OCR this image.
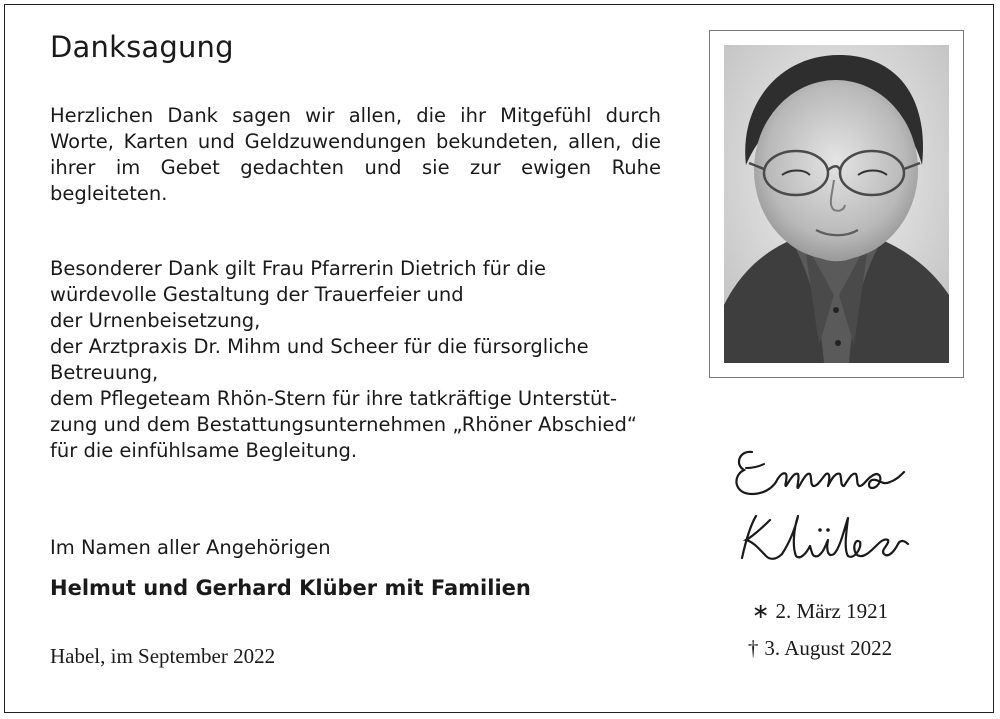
Danksagung

Herzlichen Dank sagen wir allen, die ihr Mitgefühl durch Worte, Karten und Geldzuwendungen bekundeten, allen, die ihrer im Gebet gedachten und sie zur ewigen Ruhe begleiteten.

Besonderer Dank gilt Frau Pfarrerin Dietrich für die
würdevolle Gestaltung der Trauerfeier und
der Urnenbeisetzung,
der Arztpraxis Dr. Mihm und Scheer für die fürsorgliche
Betreuung,
dem Pflegeteam Rhön-Stern für ihre tatkräftige Unterstüt-
zung und dem Bestattungsunternehmen „Rhöner Abschied“
für die einfühlsame Begleitung.
Im Namen aller Angehörigen
Helmut und Gerhard Klüber mit Familien
Habel, im September 2022
∗ 2. März 1921
† 3. August 2022
